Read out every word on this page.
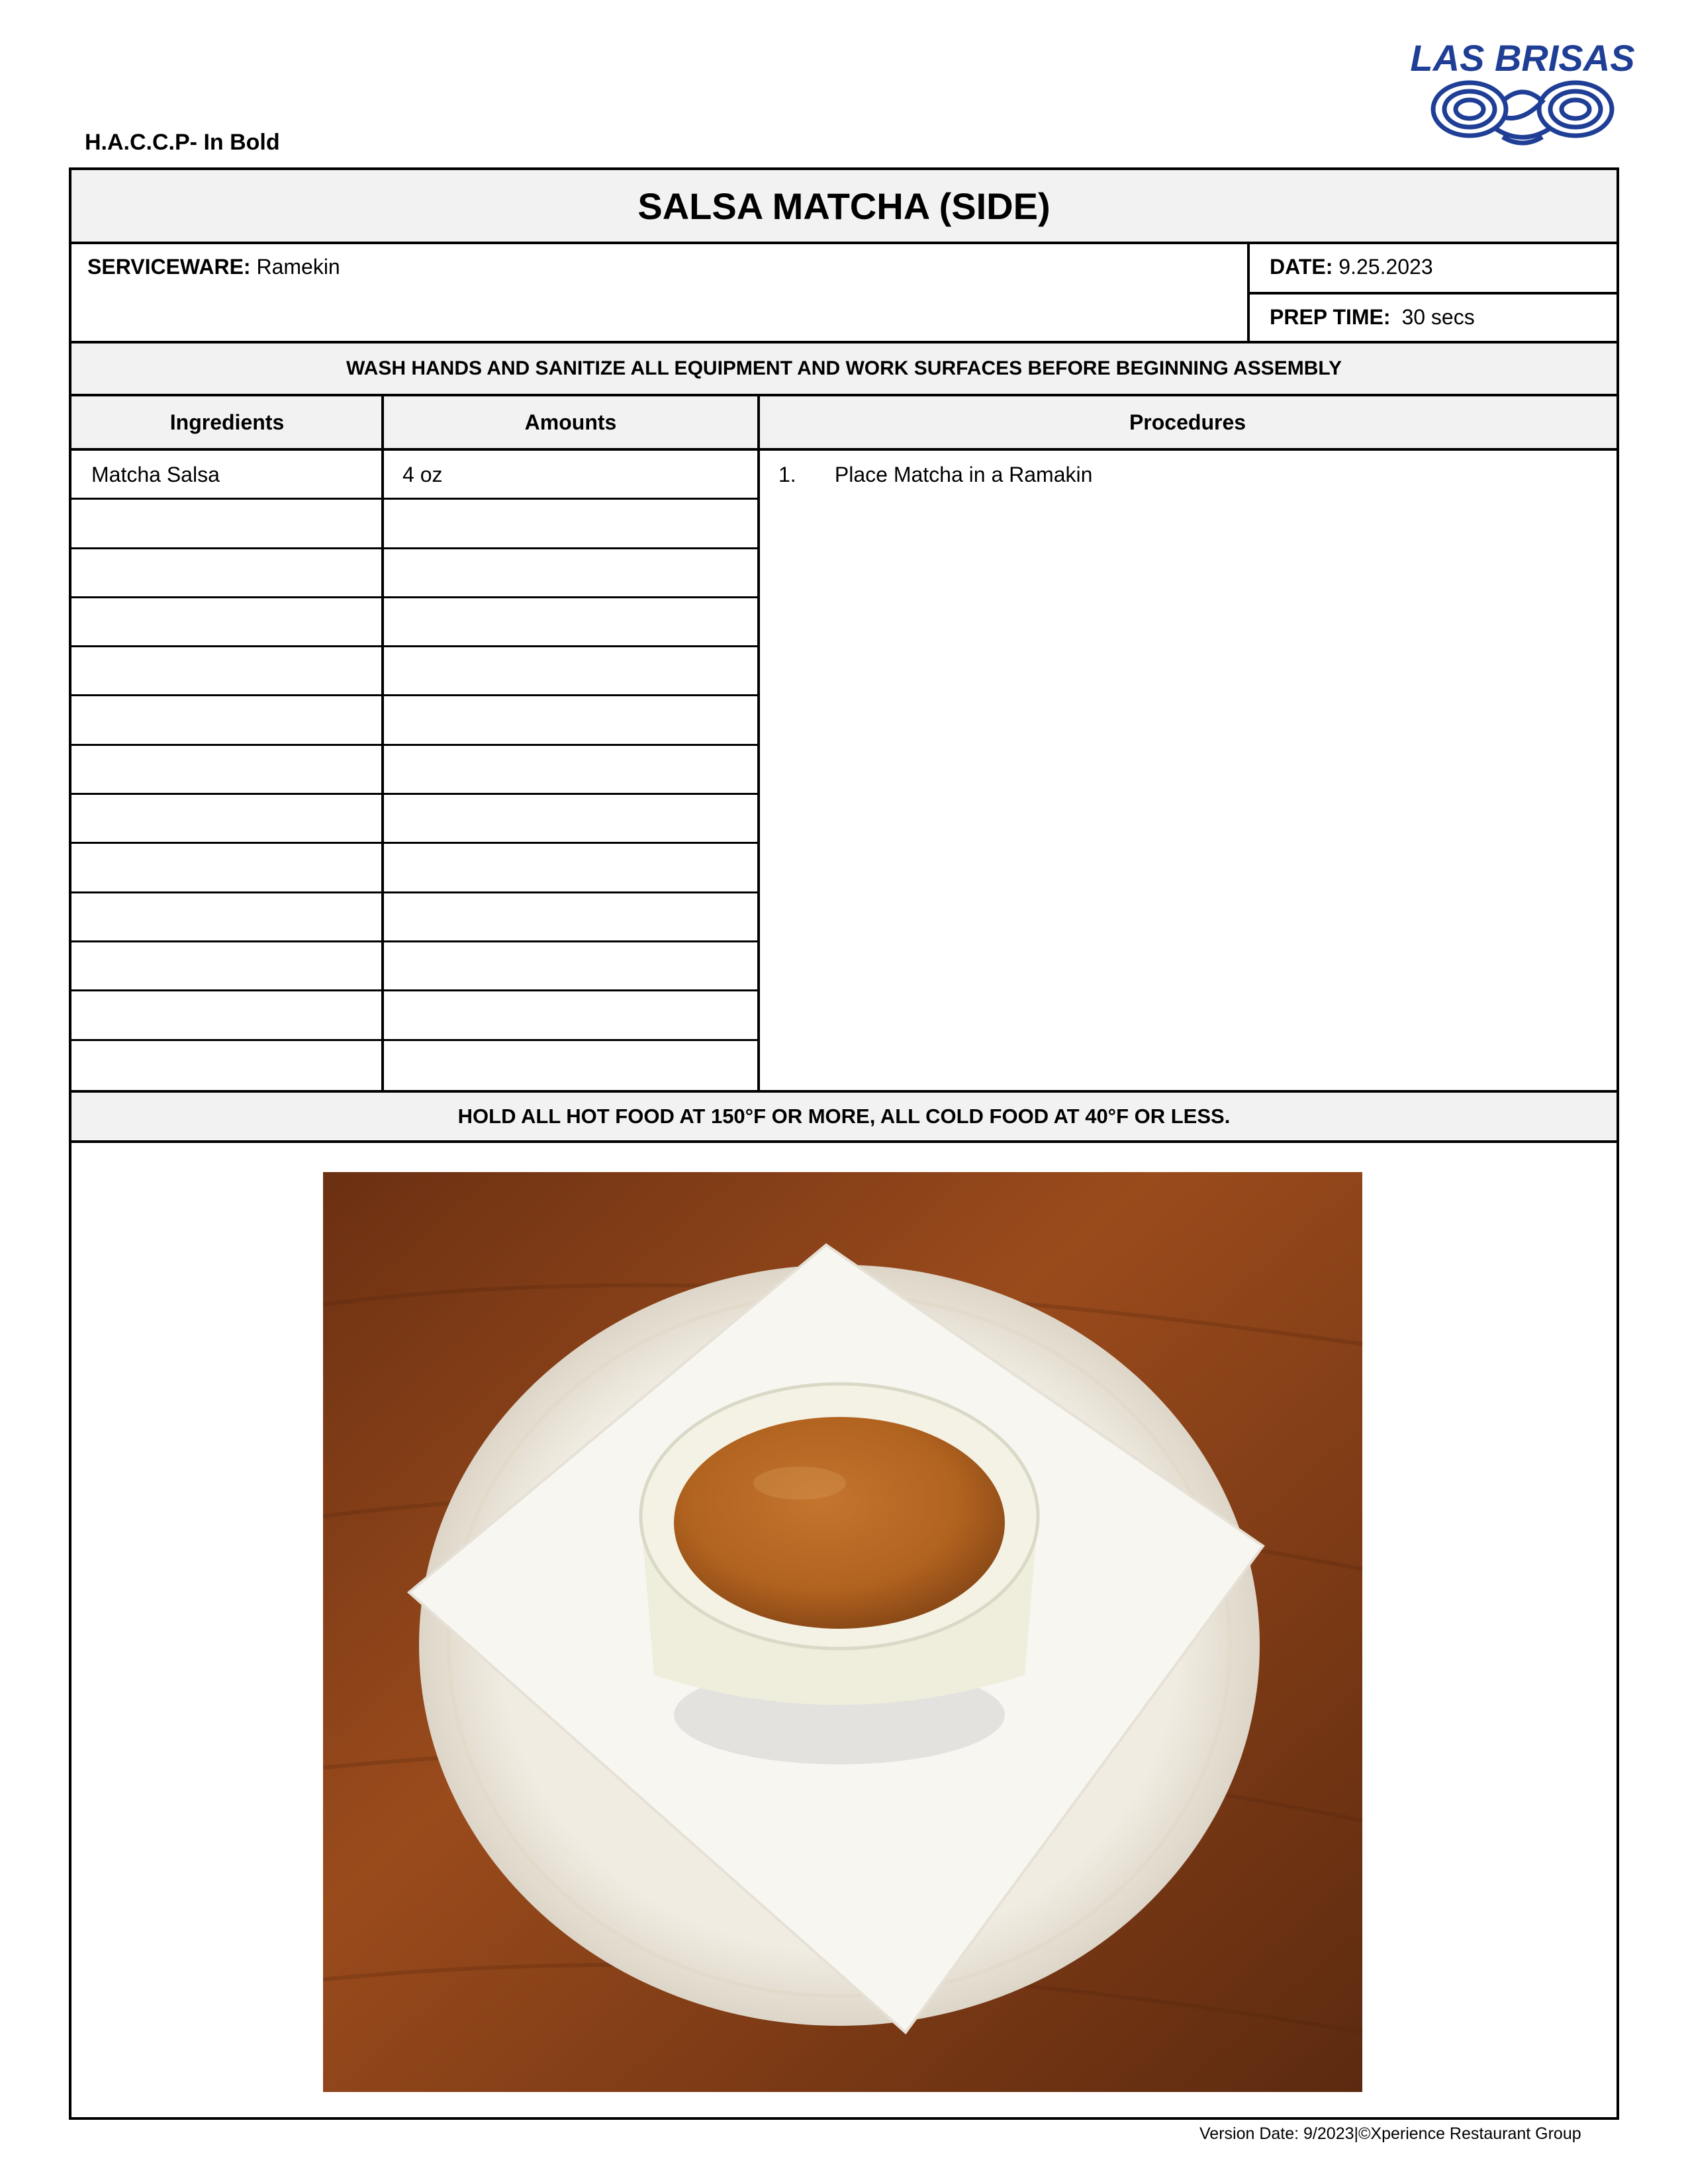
LAS BRISAS
H.A.C.C.P- In Bold
SALSA MATCHA (SIDE)
SERVICEWARE: Ramekin	DATE: 9.25.2023
PREP TIME: 30 secs
WASH HANDS AND SANITIZE ALL EQUIPMENT AND WORK SURFACES BEFORE BEGINNING ASSEMBLY
Ingredients	Amounts	Procedures
Matcha Salsa	4 oz	1. Place Matcha in a Ramakin
HOLD ALL HOT FOOD AT 150°F OR MORE, ALL COLD FOOD AT 40°F OR LESS.
Version Date: 9/2023|©Xperience Restaurant Group
